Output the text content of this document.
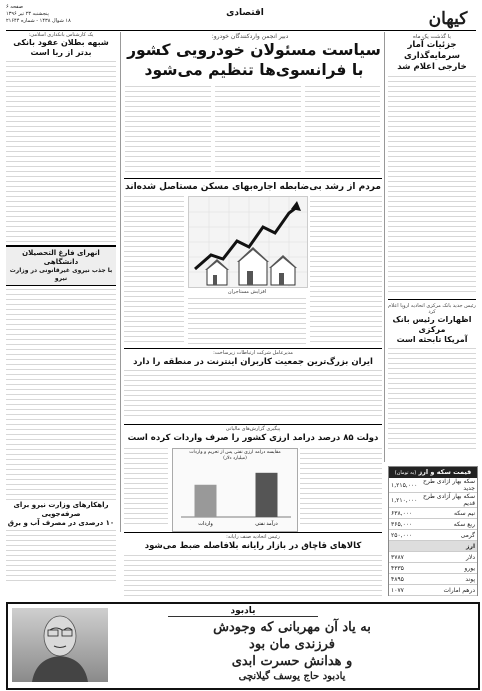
کیهان
اقتصادی
صفحه ۶
پنجشنبه ۲۳ تیر ۱۳۹۶
۱۸ شوال ۱۴۳۸ - شماره ۲۱۶۴۴
با گذشت یک ماه
جزئیات آمار سرمایه‌گذاری
خارجی اعلام شد
رئیس جدید بانک مرکزی اتحادیه اروپا اعلام کرد
اظهارات رئیس بانک مرکزی
آمریکا تابحثه است
قیمت سکه و ارز (به تومان)
سکه بهار آزادی طرح جدید	۱,۲۱۵,۰۰۰
سکه بهار آزادی طرح قدیم	۱,۲۱۰,۰۰۰
نیم سکه	۶۳۸,۰۰۰
ربع سکه	۳۶۵,۰۰۰
گرمی	۲۵۰,۰۰۰
ارز	
دلار	۳۷۸۷
یورو	۴۳۳۵
پوند	۴۸۹۵
درهم امارات	۱۰۷۷
دبیر انجمن واردکنندگان خودرو:
سیاست مسئولان خودرویی کشور
با فرانسوی‌ها تنظیم می‌شود
یک کارشناس بانکداری اسلامی:
شبهه بطلان عقود بانکی
بدتر از ربا است
انهرای فارغ التحصیلان دانشگاهی
با جذب نیروی غیرقانونی در وزارت نیرو
راهکارهای وزارت نیرو برای صرفه‌جویی
۱۰ درصدی در مصرف آب و برق
مردم از رشد بی‌ضابطه اجاره‌بهای مسکن مستاصل شده‌اند
افزایش مستاجران
مدیرعامل شرکت ارتباطات زیرساخت:
ایران بزرگ‌ترین جمعیت کاربران اینترنت در منطقه را دارد
پیگیری گزارش‌های مالیاتی
دولت ۸۵ درصد درامد ارزی کشور را صرف واردات کرده است
مقایسه درامد ارزی نفتی پس از تحریم و واردات
(میلیارد دلار)
درآمد نفتی
واردات
رئیس اتحادیه صنف رایانه:
کالاهای قاچاق در بازار رایانه بلافاصله ضبط می‌شود
یادبود
به یاد آن مهربانی که وجودش
فرزندی مان بود
و هدانش حسرت ابدی
یادبود حاج یوسف گیلانچی
